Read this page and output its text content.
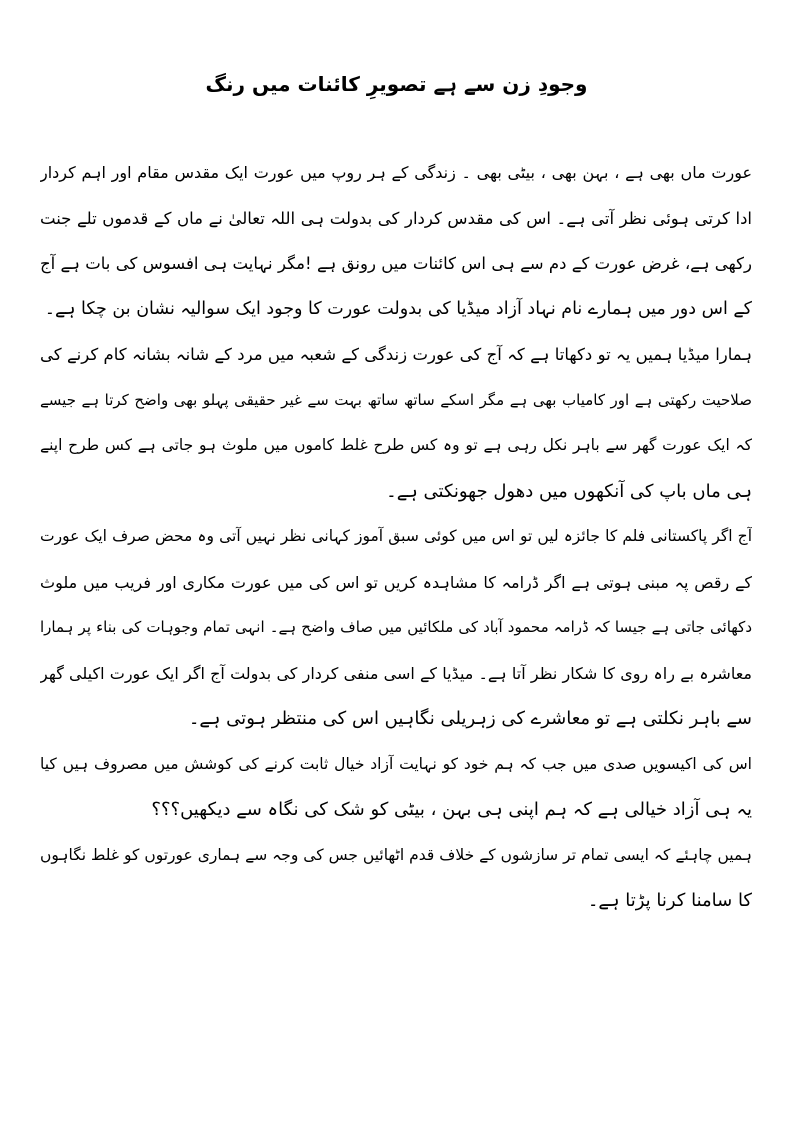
وجودِ زن سے ہے تصویرِ کائنات میں رنگ
عورت ماں بھی ہے ، بہن بھی ، بیٹی بھی ۔ زندگی کے ہر روپ میں عورت ایک مقدس مقام اور اہم کردار
ادا کرتی ہوئی نظر آتی ہے۔ اس کی مقدس کردار کی بدولت ہی اللہ تعالیٰ نے ماں کے قدموں تلے جنت
رکھی ہے، غرض عورت کے دم سے ہی اس کائنات میں رونق ہے !مگر نہایت ہی افسوس کی بات ہے آج
کے اس دور میں ہمارے نام نہاد آزاد میڈیا کی بدولت عورت کا وجود ایک سوالیہ نشان بن چکا ہے۔
ہمارا میڈیا ہمیں یہ تو دکھاتا ہے کہ آج کی عورت زندگی کے شعبہ میں مرد کے شانہ بشانہ کام کرنے کی
صلاحیت رکھتی ہے اور کامیاب بھی ہے مگر اسکے ساتھ ساتھ بہت سے غیر حقیقی پہلو بھی واضح کرتا ہے جیسے
کہ ایک عورت گھر سے باہر نکل رہی ہے تو وہ کس طرح غلط کاموں میں ملوث ہو جاتی ہے کس طرح اپنے
ہی ماں باپ کی آنکھوں میں دھول جھونکتی ہے۔
آج اگر پاکستانی فلم کا جائزہ لیں تو اس میں کوئی سبق آموز کہانی نظر نہیں آتی وہ محض صرف ایک عورت
کے رقص پہ مبنی ہوتی ہے اگر ڈرامہ کا مشاہدہ کریں تو اس کی میں عورت مکاری اور فریب میں ملوث
دکھائی جاتی ہے جیسا کہ ڈرامہ محمود آباد کی ملکائیں میں صاف واضح ہے۔ انہی تمام وجوہات کی بناء پر ہمارا
معاشرہ بے راہ روی کا شکار نظر آتا ہے۔ میڈیا کے اسی منفی کردار کی بدولت آج اگر ایک عورت اکیلی گھر
سے باہر نکلتی ہے تو معاشرے کی زہریلی نگاہیں اس کی منتظر ہوتی ہے۔
اس کی اکیسویں صدی میں جب کہ ہم خود کو نہایت آزاد خیال ثابت کرنے کی کوشش میں مصروف ہیں کیا
یہ ہی آزاد خیالی ہے کہ ہم اپنی ہی بہن ، بیٹی کو شک کی نگاہ سے دیکھیں؟؟؟
ہمیں چاہئے کہ ایسی تمام تر سازشوں کے خلاف قدم اٹھائیں جس کی وجہ سے ہماری عورتوں کو غلط نگاہوں
کا سامنا کرنا پڑتا ہے۔
